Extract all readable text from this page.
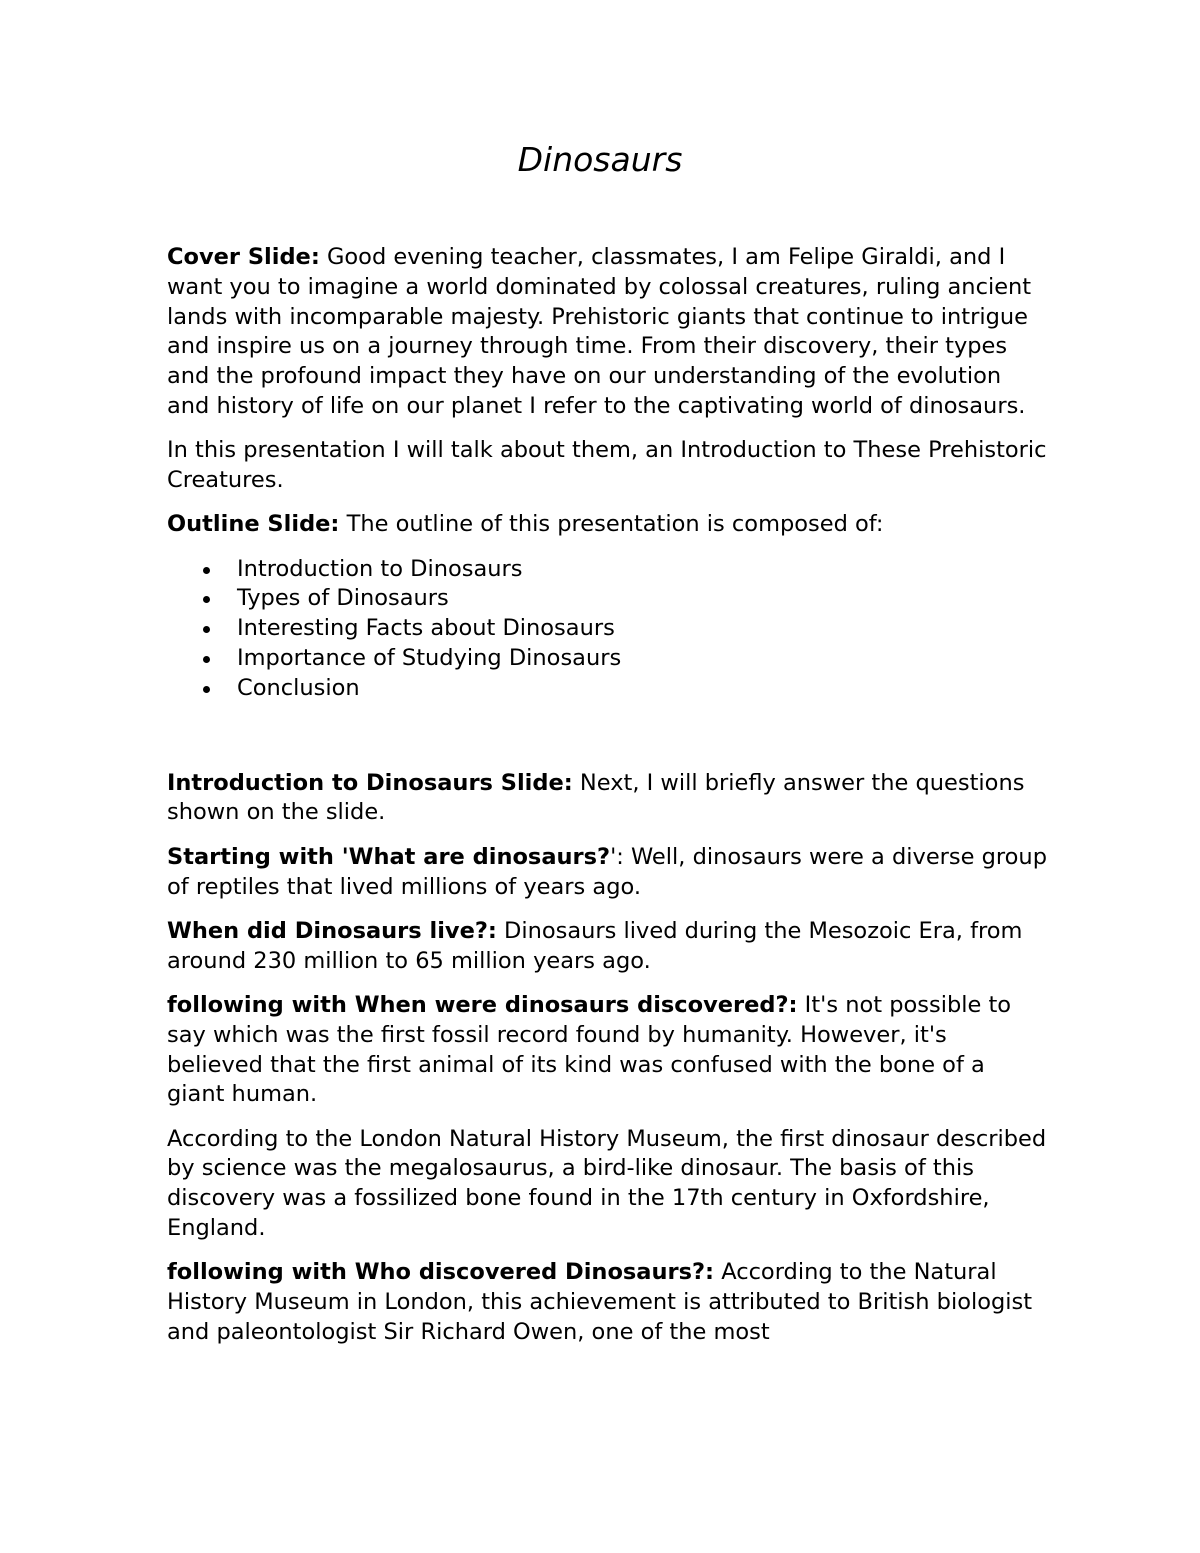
Dinosaurs

Cover Slide: Good evening teacher, classmates, I am Felipe Giraldi, and I want you to imagine a world dominated by colossal creatures, ruling ancient lands with incomparable majesty. Prehistoric giants that continue to intrigue and inspire us on a journey through time. From their discovery, their types and the profound impact they have on our understanding of the evolution and history of life on our planet I refer to the captivating world of dinosaurs.

In this presentation I will talk about them, an Introduction to These Prehistoric Creatures.

Outline Slide: The outline of this presentation is composed of:

Introduction to Dinosaurs
Types of Dinosaurs
Interesting Facts about Dinosaurs
Importance of Studying Dinosaurs
Conclusion

Introduction to Dinosaurs Slide: Next, I will briefly answer the questions shown on the slide.

Starting with 'What are dinosaurs?': Well, dinosaurs were a diverse group of reptiles that lived millions of years ago.

When did Dinosaurs live?: Dinosaurs lived during the Mesozoic Era, from around 230 million to 65 million years ago.

following with When were dinosaurs discovered?: It's not possible to say which was the first fossil record found by humanity. However, it's believed that the first animal of its kind was confused with the bone of a giant human.

According to the London Natural History Museum, the first dinosaur described by science was the megalosaurus, a bird-like dinosaur. The basis of this discovery was a fossilized bone found in the 17th century in Oxfordshire, England.

following with Who discovered Dinosaurs?: According to the Natural History Museum in London, this achievement is attributed to British biologist and paleontologist Sir Richard Owen, one of the most
